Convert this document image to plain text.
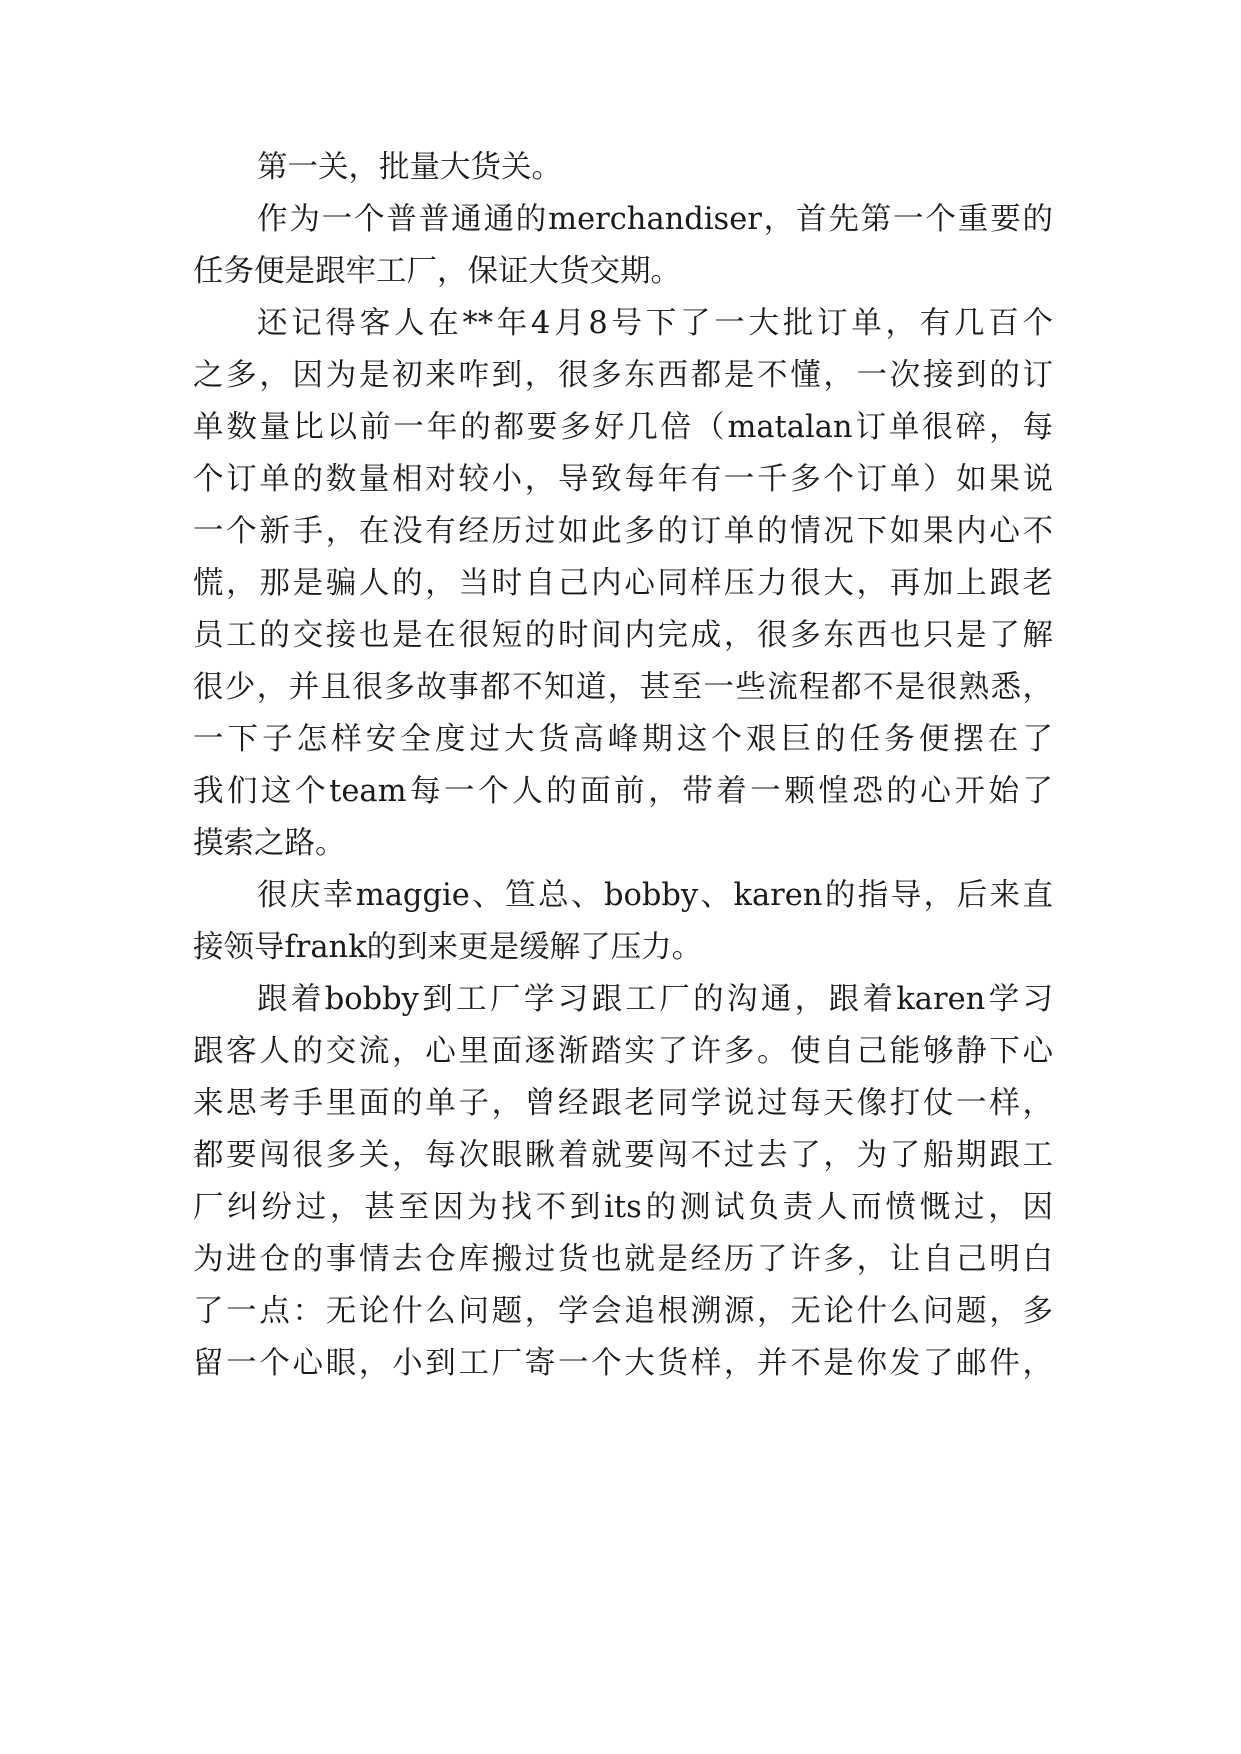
第一关，批量大货关。
作为一个普普通通的merchandiser，首先第一个重要的
任务便是跟牢工厂，保证大货交期。
还记得客人在**年4月8号下了一大批订单，有几百个
之多，因为是初来咋到，很多东西都是不懂，一次接到的订
单数量比以前一年的都要多好几倍（matalan订单很碎，每
个订单的数量相对较小，导致每年有一千多个订单）如果说
一个新手，在没有经历过如此多的订单的情况下如果内心不
慌，那是骗人的，当时自己内心同样压力很大，再加上跟老
员工的交接也是在很短的时间内完成，很多东西也只是了解
很少，并且很多故事都不知道，甚至一些流程都不是很熟悉，
一下子怎样安全度过大货高峰期这个艰巨的任务便摆在了
我们这个team每一个人的面前，带着一颗惶恐的心开始了
摸索之路。
很庆幸maggie、笪总、bobby、karen的指导，后来直
接领导frank的到来更是缓解了压力。
跟着bobby到工厂学习跟工厂的沟通，跟着karen学习
跟客人的交流，心里面逐渐踏实了许多。使自己能够静下心
来思考手里面的单子，曾经跟老同学说过每天像打仗一样，
都要闯很多关，每次眼瞅着就要闯不过去了，为了船期跟工
厂纠纷过，甚至因为找不到its的测试负责人而愤慨过，因
为进仓的事情去仓库搬过货也就是经历了许多，让自己明白
了一点：无论什么问题，学会追根溯源，无论什么问题，多
留一个心眼，小到工厂寄一个大货样，并不是你发了邮件，
